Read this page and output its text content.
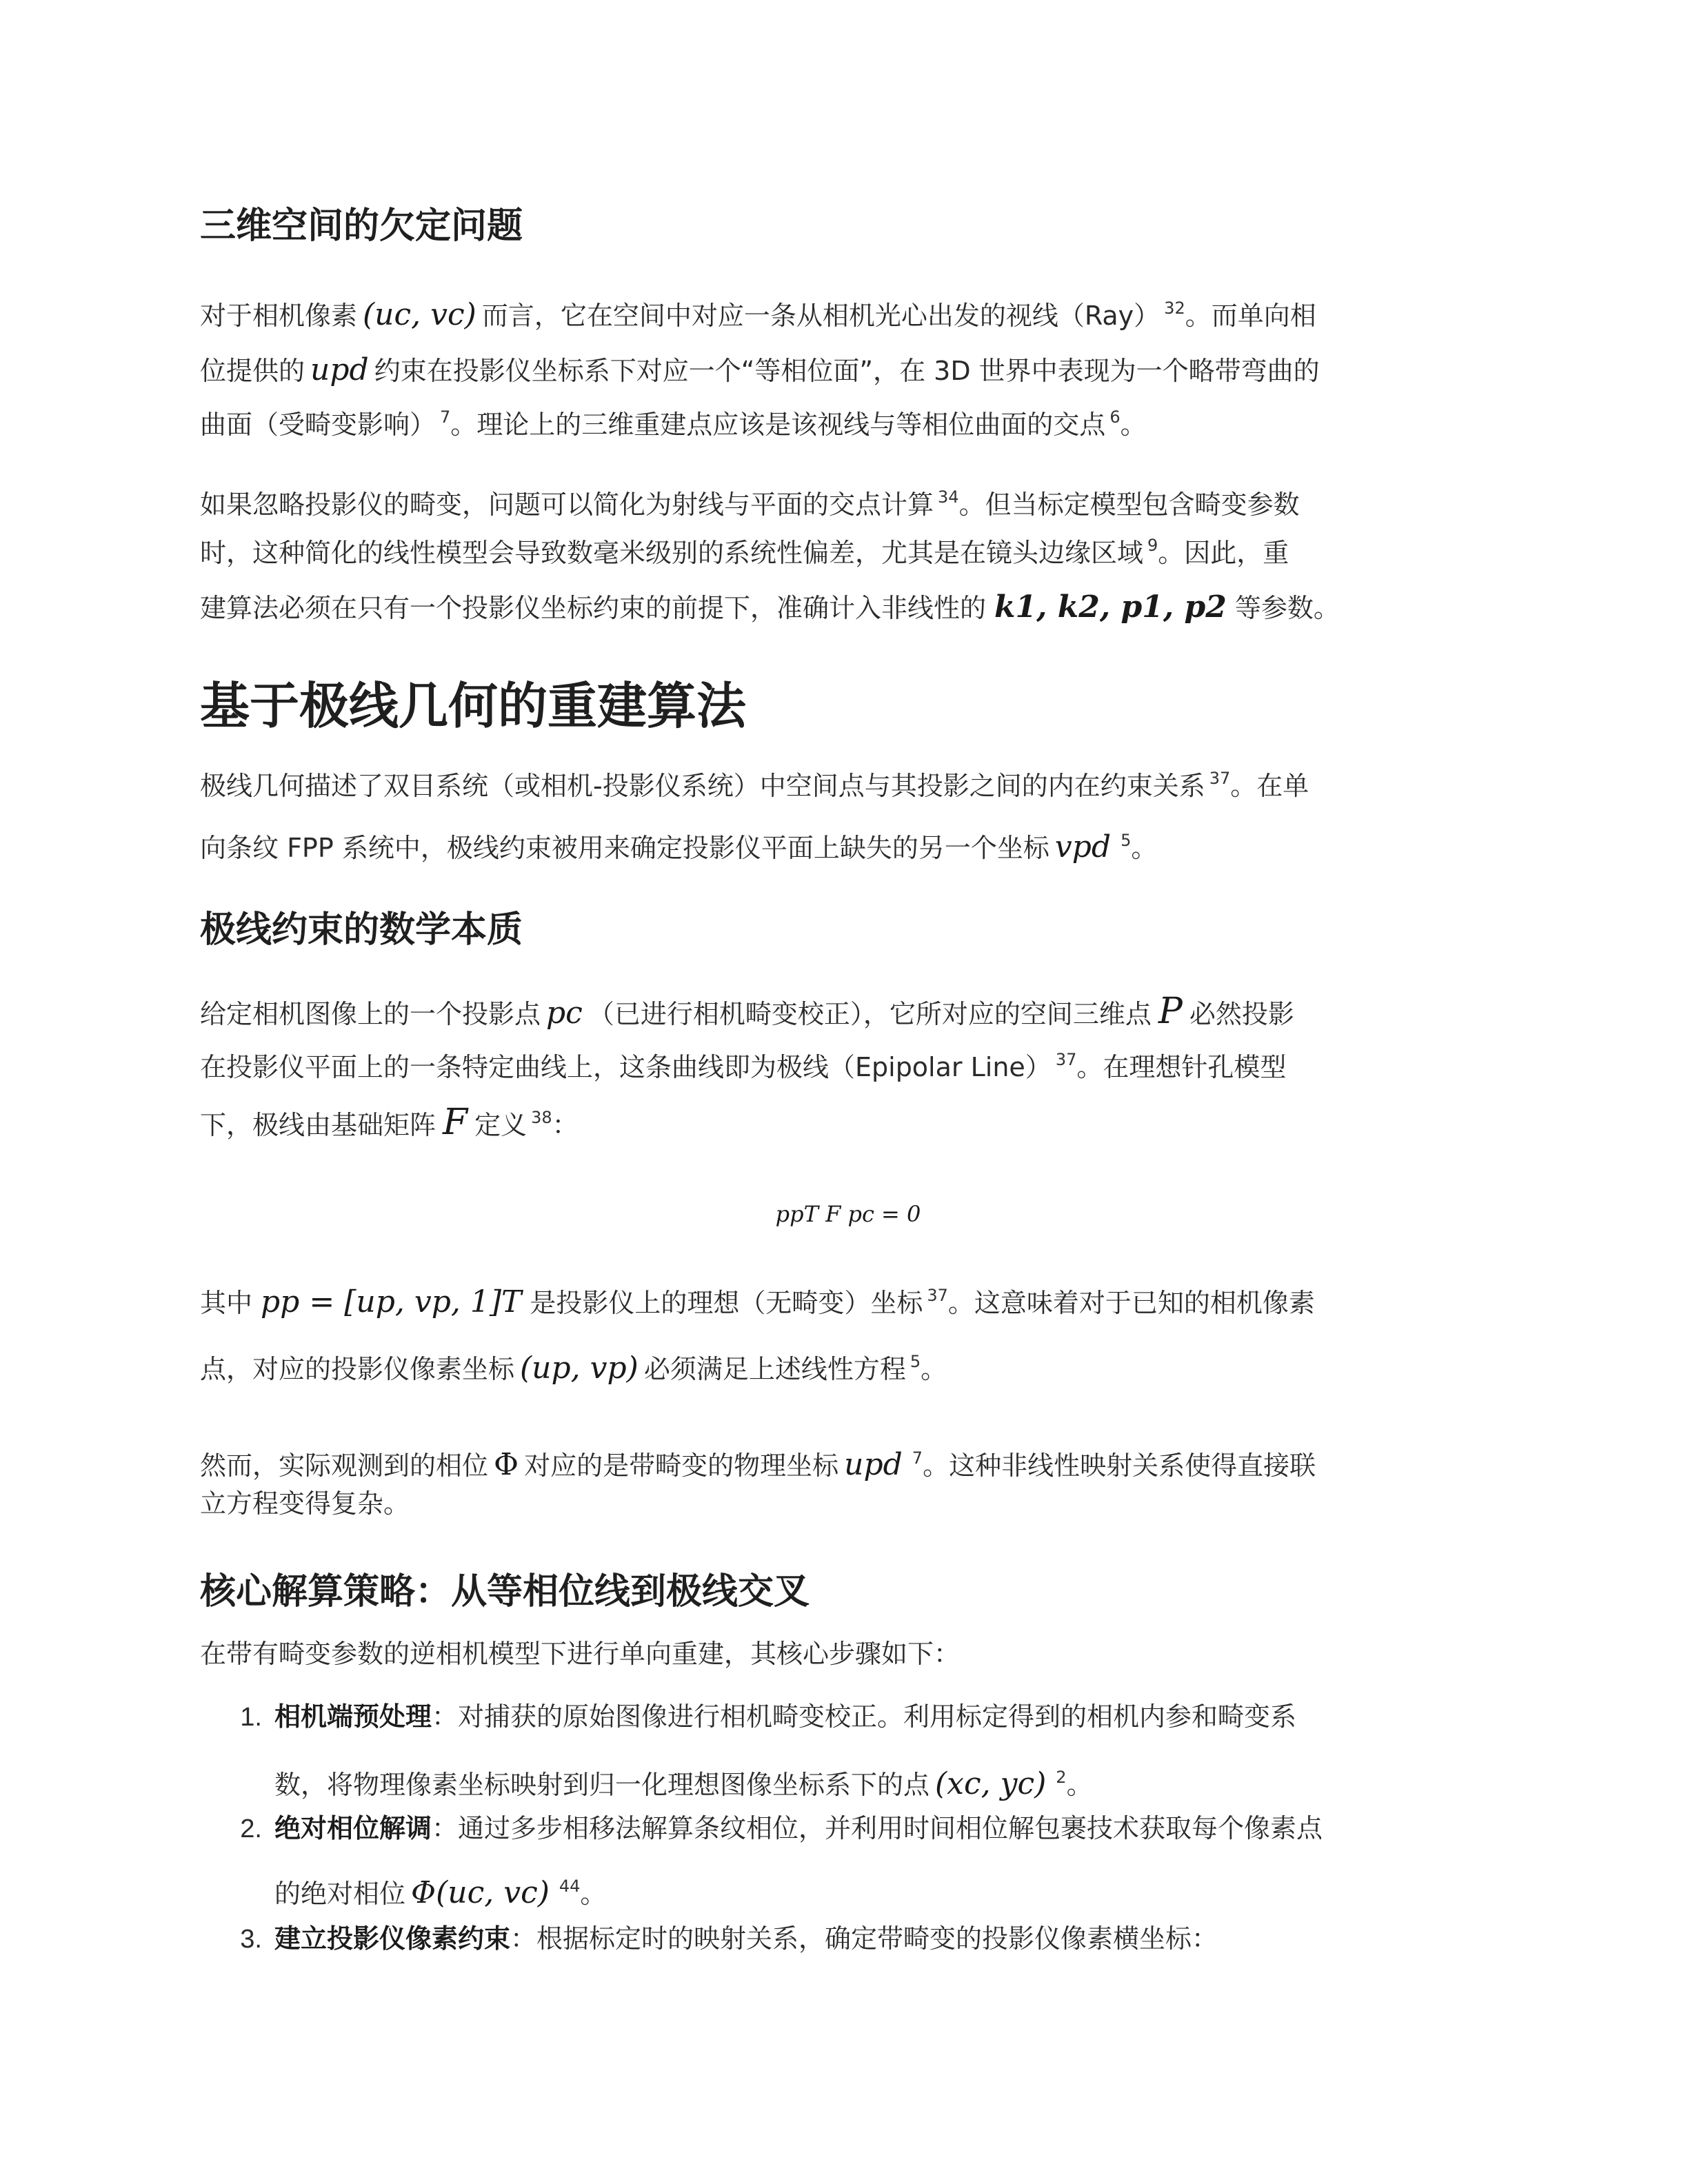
三维空间的欠定问题
对于相机像素 (uc, vc) 而言，它在空间中对应一条从相机光心出发的视线（Ray） $^{32}$。而单向相
位提供的 upd 约束在投影仪坐标系下对应一个“等相位面”，在 3D 世界中表现为一个略带弯曲的
曲面（受畸变影响） $^7$。理论上的三维重建点应该是该视线与等相位曲面的交点 $^6$。
如果忽略投影仪的畸变，问题可以简化为射线与平面的交点计算 $^{34}$。但当标定模型包含畸变参数
时，这种简化的线性模型会导致数毫米级别的系统性偏差，尤其是在镜头边缘区域 $^9$。因此，重
建算法必须在只有一个投影仪坐标约束的前提下，准确计入非线性的 k1, k2, p1, p2 等参数。
基于极线几何的重建算法
极线几何描述了双目系统（或相机-投影仪系统）中空间点与其投影之间的内在约束关系 $^{37}$。在单
向条纹 FPP 系统中，极线约束被用来确定投影仪平面上缺失的另一个坐标 vpd $^5$。
极线约束的数学本质
给定相机图像上的一个投影点 pc （已进行相机畸变校正），它所对应的空间三维点 P 必然投影
在投影仪平面上的一条特定曲线上，这条曲线即为极线（Epipolar Line） $^{37}$。在理想针孔模型
下，极线由基础矩阵 F 定义 $^{38}$：
ppT F pc = 0
其中 pp = [up, vp, 1]T 是投影仪上的理想（无畸变）坐标 $^{37}$。这意味着对于已知的相机像素
点，对应的投影仪像素坐标 (up, vp) 必须满足上述线性方程 $^5$。
然而，实际观测到的相位 Φ 对应的是带畸变的物理坐标 upd $^7$。这种非线性映射关系使得直接联
立方程变得复杂。
核心解算策略：从等相位线到极线交叉
在带有畸变参数的逆相机模型下进行单向重建，其核心步骤如下：
1. 相机端预处理：对捕获的原始图像进行相机畸变校正。利用标定得到的相机内参和畸变系
数，将物理像素坐标映射到归一化理想图像坐标系下的点 (xc, yc) $^2$。
2. 绝对相位解调：通过多步相移法解算条纹相位，并利用时间相位解包裹技术获取每个像素点
的绝对相位 Φ(uc, vc) $^{44}$。
3. 建立投影仪像素约束：根据标定时的映射关系，确定带畸变的投影仪像素横坐标：
